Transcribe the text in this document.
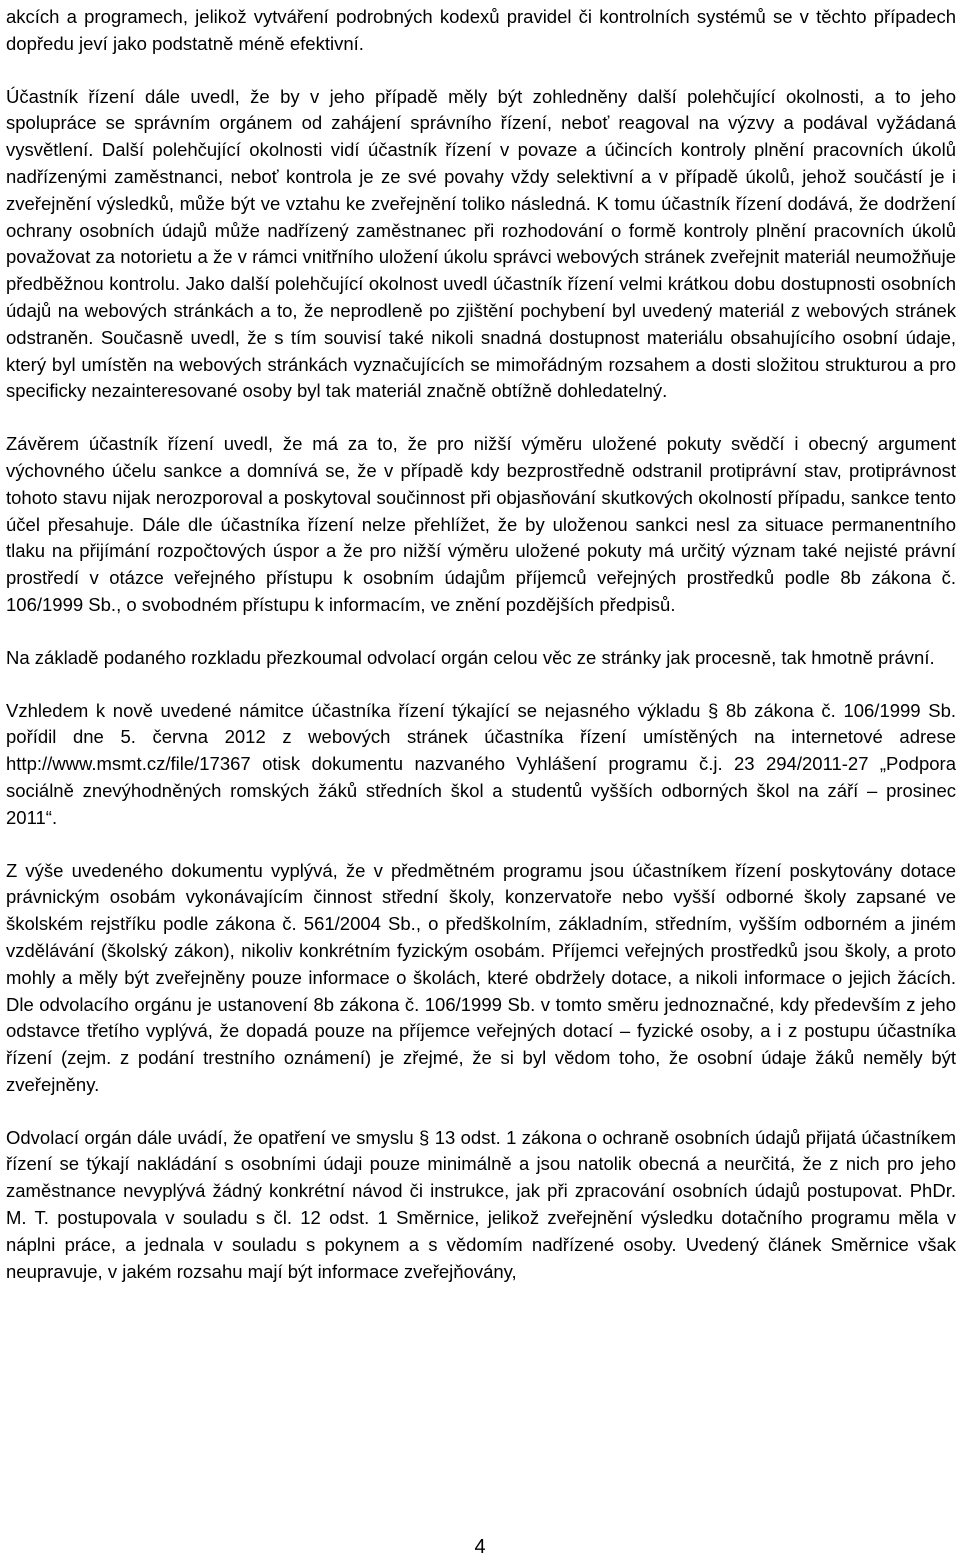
akcích a programech, jelikož vytváření podrobných kodexů pravidel či kontrolních systémů se v těchto případech dopředu jeví jako podstatně méně efektivní.

Účastník řízení dále uvedl, že by v jeho případě měly být zohledněny další polehčující okolnosti, a to jeho spolupráce se správním orgánem od zahájení správního řízení, neboť reagoval na výzvy a podával vyžádaná vysvětlení. Další polehčující okolnosti vidí účastník řízení v povaze a účincích kontroly plnění pracovních úkolů nadřízenými zaměstnanci, neboť kontrola je ze své povahy vždy selektivní a v případě úkolů, jehož součástí je i zveřejnění výsledků, může být ve vztahu ke zveřejnění toliko následná. K tomu účastník řízení dodává, že dodržení ochrany osobních údajů může nadřízený zaměstnanec při rozhodování o formě kontroly plnění pracovních úkolů považovat za notorietu a že v rámci vnitřního uložení úkolu správci webových stránek zveřejnit materiál neumožňuje předběžnou kontrolu. Jako další polehčující okolnost uvedl účastník řízení velmi krátkou dobu dostupnosti osobních údajů na webových stránkách a to, že neprodleně po zjištění pochybení byl uvedený materiál z webových stránek odstraněn. Současně uvedl, že s tím souvisí také nikoli snadná dostupnost materiálu obsahujícího osobní údaje, který byl umístěn na webových stránkách vyznačujících se mimořádným rozsahem a dosti složitou strukturou a pro specificky nezainteresované osoby byl tak materiál značně obtížně dohledatelný.

Závěrem účastník řízení uvedl, že má za to, že pro nižší výměru uložené pokuty svědčí i obecný argument výchovného účelu sankce a domnívá se, že v případě kdy bezprostředně odstranil protiprávní stav, protiprávnost tohoto stavu nijak nerozporoval a poskytoval součinnost při objasňování skutkových okolností případu, sankce tento účel přesahuje. Dále dle účastníka řízení nelze přehlížet, že by uloženou sankci nesl za situace permanentního tlaku na přijímání rozpočtových úspor a že pro nižší výměru uložené pokuty má určitý význam také nejisté právní prostředí v otázce veřejného přístupu k osobním údajům příjemců veřejných prostředků podle 8b zákona č. 106/1999 Sb., o svobodném přístupu k informacím, ve znění pozdějších předpisů.

Na základě podaného rozkladu přezkoumal odvolací orgán celou věc ze stránky jak procesně, tak hmotně právní.

Vzhledem k nově uvedené námitce účastníka řízení týkající se nejasného výkladu § 8b zákona č. 106/1999 Sb. pořídil dne 5. června 2012 z webových stránek účastníka řízení umístěných na internetové adrese http://www.msmt.cz/file/17367 otisk dokumentu nazvaného Vyhlášení programu č.j. 23 294/2011-27 „Podpora sociálně znevýhodněných romských žáků středních škol a studentů vyšších odborných škol na září – prosinec 2011“.

Z výše uvedeného dokumentu vyplývá, že v předmětném programu jsou účastníkem řízení poskytovány dotace právnickým osobám vykonávajícím činnost střední školy, konzervatoře nebo vyšší odborné školy zapsané ve školském rejstříku podle zákona č. 561/2004 Sb., o předškolním, základním, středním, vyšším odborném a jiném vzdělávání (školský zákon), nikoliv konkrétním fyzickým osobám. Příjemci veřejných prostředků jsou školy, a proto mohly a měly být zveřejněny pouze informace o školách, které obdržely dotace, a nikoli informace o jejich žácích. Dle odvolacího orgánu je ustanovení 8b zákona č. 106/1999 Sb. v tomto směru jednoznačné, kdy především z jeho odstavce třetího vyplývá, že dopadá pouze na příjemce veřejných dotací – fyzické osoby, a i z postupu účastníka řízení (zejm. z podání trestního oznámení) je zřejmé, že si byl vědom toho, že osobní údaje žáků neměly být zveřejněny.

Odvolací orgán dále uvádí, že opatření ve smyslu § 13 odst. 1 zákona o ochraně osobních údajů přijatá účastníkem řízení se týkají nakládání s osobními údaji pouze minimálně a jsou natolik obecná a neurčitá, že z nich pro jeho zaměstnance nevyplývá žádný konkrétní návod či instrukce, jak při zpracování osobních údajů postupovat. PhDr. M. T. postupovala v souladu s čl. 12 odst. 1 Směrnice, jelikož zveřejnění výsledku dotačního programu měla v náplni práce, a jednala v souladu s pokynem a s vědomím nadřízené osoby. Uvedený článek Směrnice však neupravuje, v jakém rozsahu mají být informace zveřejňovány,

4
